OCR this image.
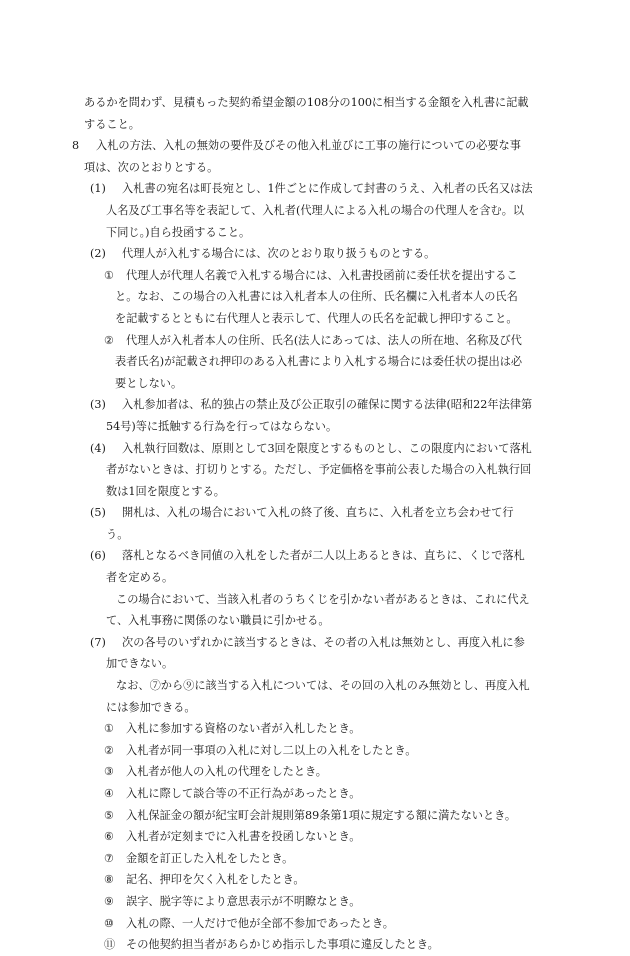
あるかを問わず、見積もった契約希望金額の108分の100に相当する金額を入札書に記載
すること。
8	入札の方法、入札の無効の要件及びその他入札並びに工事の施行についての必要な事
項は、次のとおりとする。
(1)	入札書の宛名は町長宛とし、1件ごとに作成して封書のうえ、入札者の氏名又は法
人名及び工事名等を表記して、入札者(代理人による入札の場合の代理人を含む。以
下同じ。)自ら投函すること。
(2)	代理人が入札する場合には、次のとおり取り扱うものとする。
①	代理人が代理人名義で入札する場合には、入札書投函前に委任状を提出するこ
と。なお、この場合の入札書には入札者本人の住所、氏名欄に入札者本人の氏名
を記載するとともに右代理人と表示して、代理人の氏名を記載し押印すること。
②	代理人が入札者本人の住所、氏名(法人にあっては、法人の所在地、名称及び代
表者氏名)が記載され押印のある入札書により入札する場合には委任状の提出は必
要としない。
(3)	入札参加者は、私的独占の禁止及び公正取引の確保に関する法律(昭和22年法律第
54号)等に抵触する行為を行ってはならない。
(4)	入札執行回数は、原則として3回を限度とするものとし、この限度内において落札
者がないときは、打切りとする。ただし、予定価格を事前公表した場合の入札執行回
数は1回を限度とする。
(5)	開札は、入札の場合において入札の終了後、直ちに、入札者を立ち会わせて行
う。
(6)	落札となるべき同値の入札をした者が二人以上あるときは、直ちに、くじで落札
者を定める。
この場合において、当該入札者のうちくじを引かない者があるときは、これに代え
て、入札事務に関係のない職員に引かせる。
(7)	次の各号のいずれかに該当するときは、その者の入札は無効とし、再度入札に参
加できない。
なお、⑦から⑨に該当する入札については、その回の入札のみ無効とし、再度入札
には参加できる。
①	入札に参加する資格のない者が入札したとき。
②	入札者が同一事項の入札に対し二以上の入札をしたとき。
③	入札者が他人の入札の代理をしたとき。
④	入札に際して談合等の不正行為があったとき。
⑤	入札保証金の額が紀宝町会計規則第89条第1項に規定する額に満たないとき。
⑥	入札者が定刻までに入札書を投函しないとき。
⑦	金額を訂正した入札をしたとき。
⑧	記名、押印を欠く入札をしたとき。
⑨	誤字、脱字等により意思表示が不明瞭なとき。
⑩	入札の際、一人だけで他が全部不参加であったとき。
⑪ その他契約担当者があらかじめ指示した事項に違反したとき。
